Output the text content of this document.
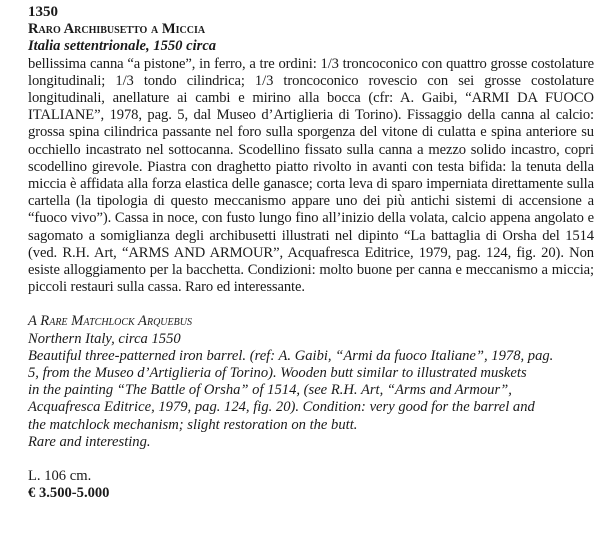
1350
Raro Archibusetto a Miccia
Italia settentrionale, 1550 circa
bellissima canna “a pistone”, in ferro, a tre ordini: 1/3 troncoconico con quattro grosse costolature longitudinali; 1/3 tondo cilindrica; 1/3 troncoconico rovescio con sei grosse costolature longitudinali, anellature ai cambi e mirino alla bocca (cfr: A. Gaibi, “ARMI DA FUOCO ITALIANE”, 1978, pag. 5, dal Museo d’Artiglieria di Torino). Fissaggio della canna al calcio: grossa spina cilindrica passante nel foro sulla sporgenza del vitone di culatta e spina anteriore su occhiello incastrato nel sottocanna. Scodellino fissato sulla canna a mezzo solido incastro, copri scodellino girevole. Piastra con draghetto piatto rivolto in avanti con testa bifida: la tenuta della miccia è affidata alla forza elastica delle ganasce; corta leva di sparo imperniata direttamente sulla cartella (la tipologia di questo meccanismo appare uno dei più antichi sistemi di accensione a “fuoco vivo”). Cassa in noce, con fusto lungo fino all’inizio della volata, calcio appena angolato e sagomato a somiglianza degli archibusetti illustrati nel dipinto “La battaglia di Orsha del 1514 (ved. R.H. Art, “ARMS AND ARMOUR”, Acquafresca Editrice, 1979, pag. 124, fig. 20). Non esiste alloggiamento per la bacchetta. Condizioni: molto buone per canna e meccanismo a miccia; piccoli restauri sulla cassa. Raro ed interessante.
A Rare Matchlock Arquebus
Northern Italy, circa 1550
Beautiful three-patterned iron barrel. (ref: A. Gaibi, “Armi da fuoco Italiane”, 1978, pag.
5, from the Museo d’Artiglieria of Torino). Wooden butt similar to illustrated muskets
in the painting “The Battle of Orsha” of 1514, (see R.H. Art, “Arms and Armour”,
Acquafresca Editrice, 1979, pag. 124, fig. 20). Condition: very good for the barrel and
the matchlock mechanism; slight restoration on the butt.
Rare and interesting.
L. 106 cm.
€ 3.500-5.000
